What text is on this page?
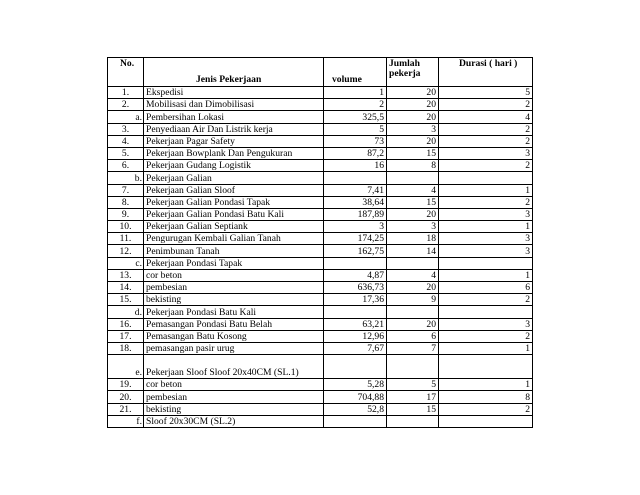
No.	Jenis Pekerjaan	volume	Jumlah pekerja	Durasi ( hari )
1.	Ekspedisi	1	20	5
2.	Mobilisasi dan Dimobilisasi	2	20	2
a.	Pembersihan Lokasi	325,5	20	4
3.	Penyediaan Air Dan Listrik kerja	5	3	2
4.	Pekerjaan Pagar Safety	73	20	2
5.	Pekerjaan Bowplank Dan Pengukuran	87,2	15	3
6.	Pekerjaan Gudang Logistik	16	8	2
b.	Pekerjaan Galian			
7.	Pekerjaan Galian Sloof	7,41	4	1
8.	Pekerjaan Galian Pondasi Tapak	38,64	15	2
9.	Pekerjaan Galian Pondasi Batu Kali	187,89	20	3
10.	Pekerjaan Galian Septiank	3	3	1
11.	Pengurugan Kembali Galian Tanah	174,25	18	3
12.	Penimbunan Tanah	162,75	14	3
c.	Pekerjaan Pondasi Tapak			
13.	cor beton	4,87	4	1
14.	pembesian	636,73	20	6
15.	bekisting	17,36	9	2
d.	Pekerjaan Pondasi Batu Kali			
16.	Pemasangan Pondasi Batu Belah	63,21	20	3
17.	Pemasangan Batu Kosong	12,96	6	2
18.	pemasangan pasir urug	7,67	7	1
e.	Pekerjaan Sloof Sloof 20x40CM (SL.1)			
19.	cor beton	5,28	5	1
20.	pembesian	704,88	17	8
21.	bekisting	52,8	15	2
f.	Sloof 20x30CM (SL.2)			
